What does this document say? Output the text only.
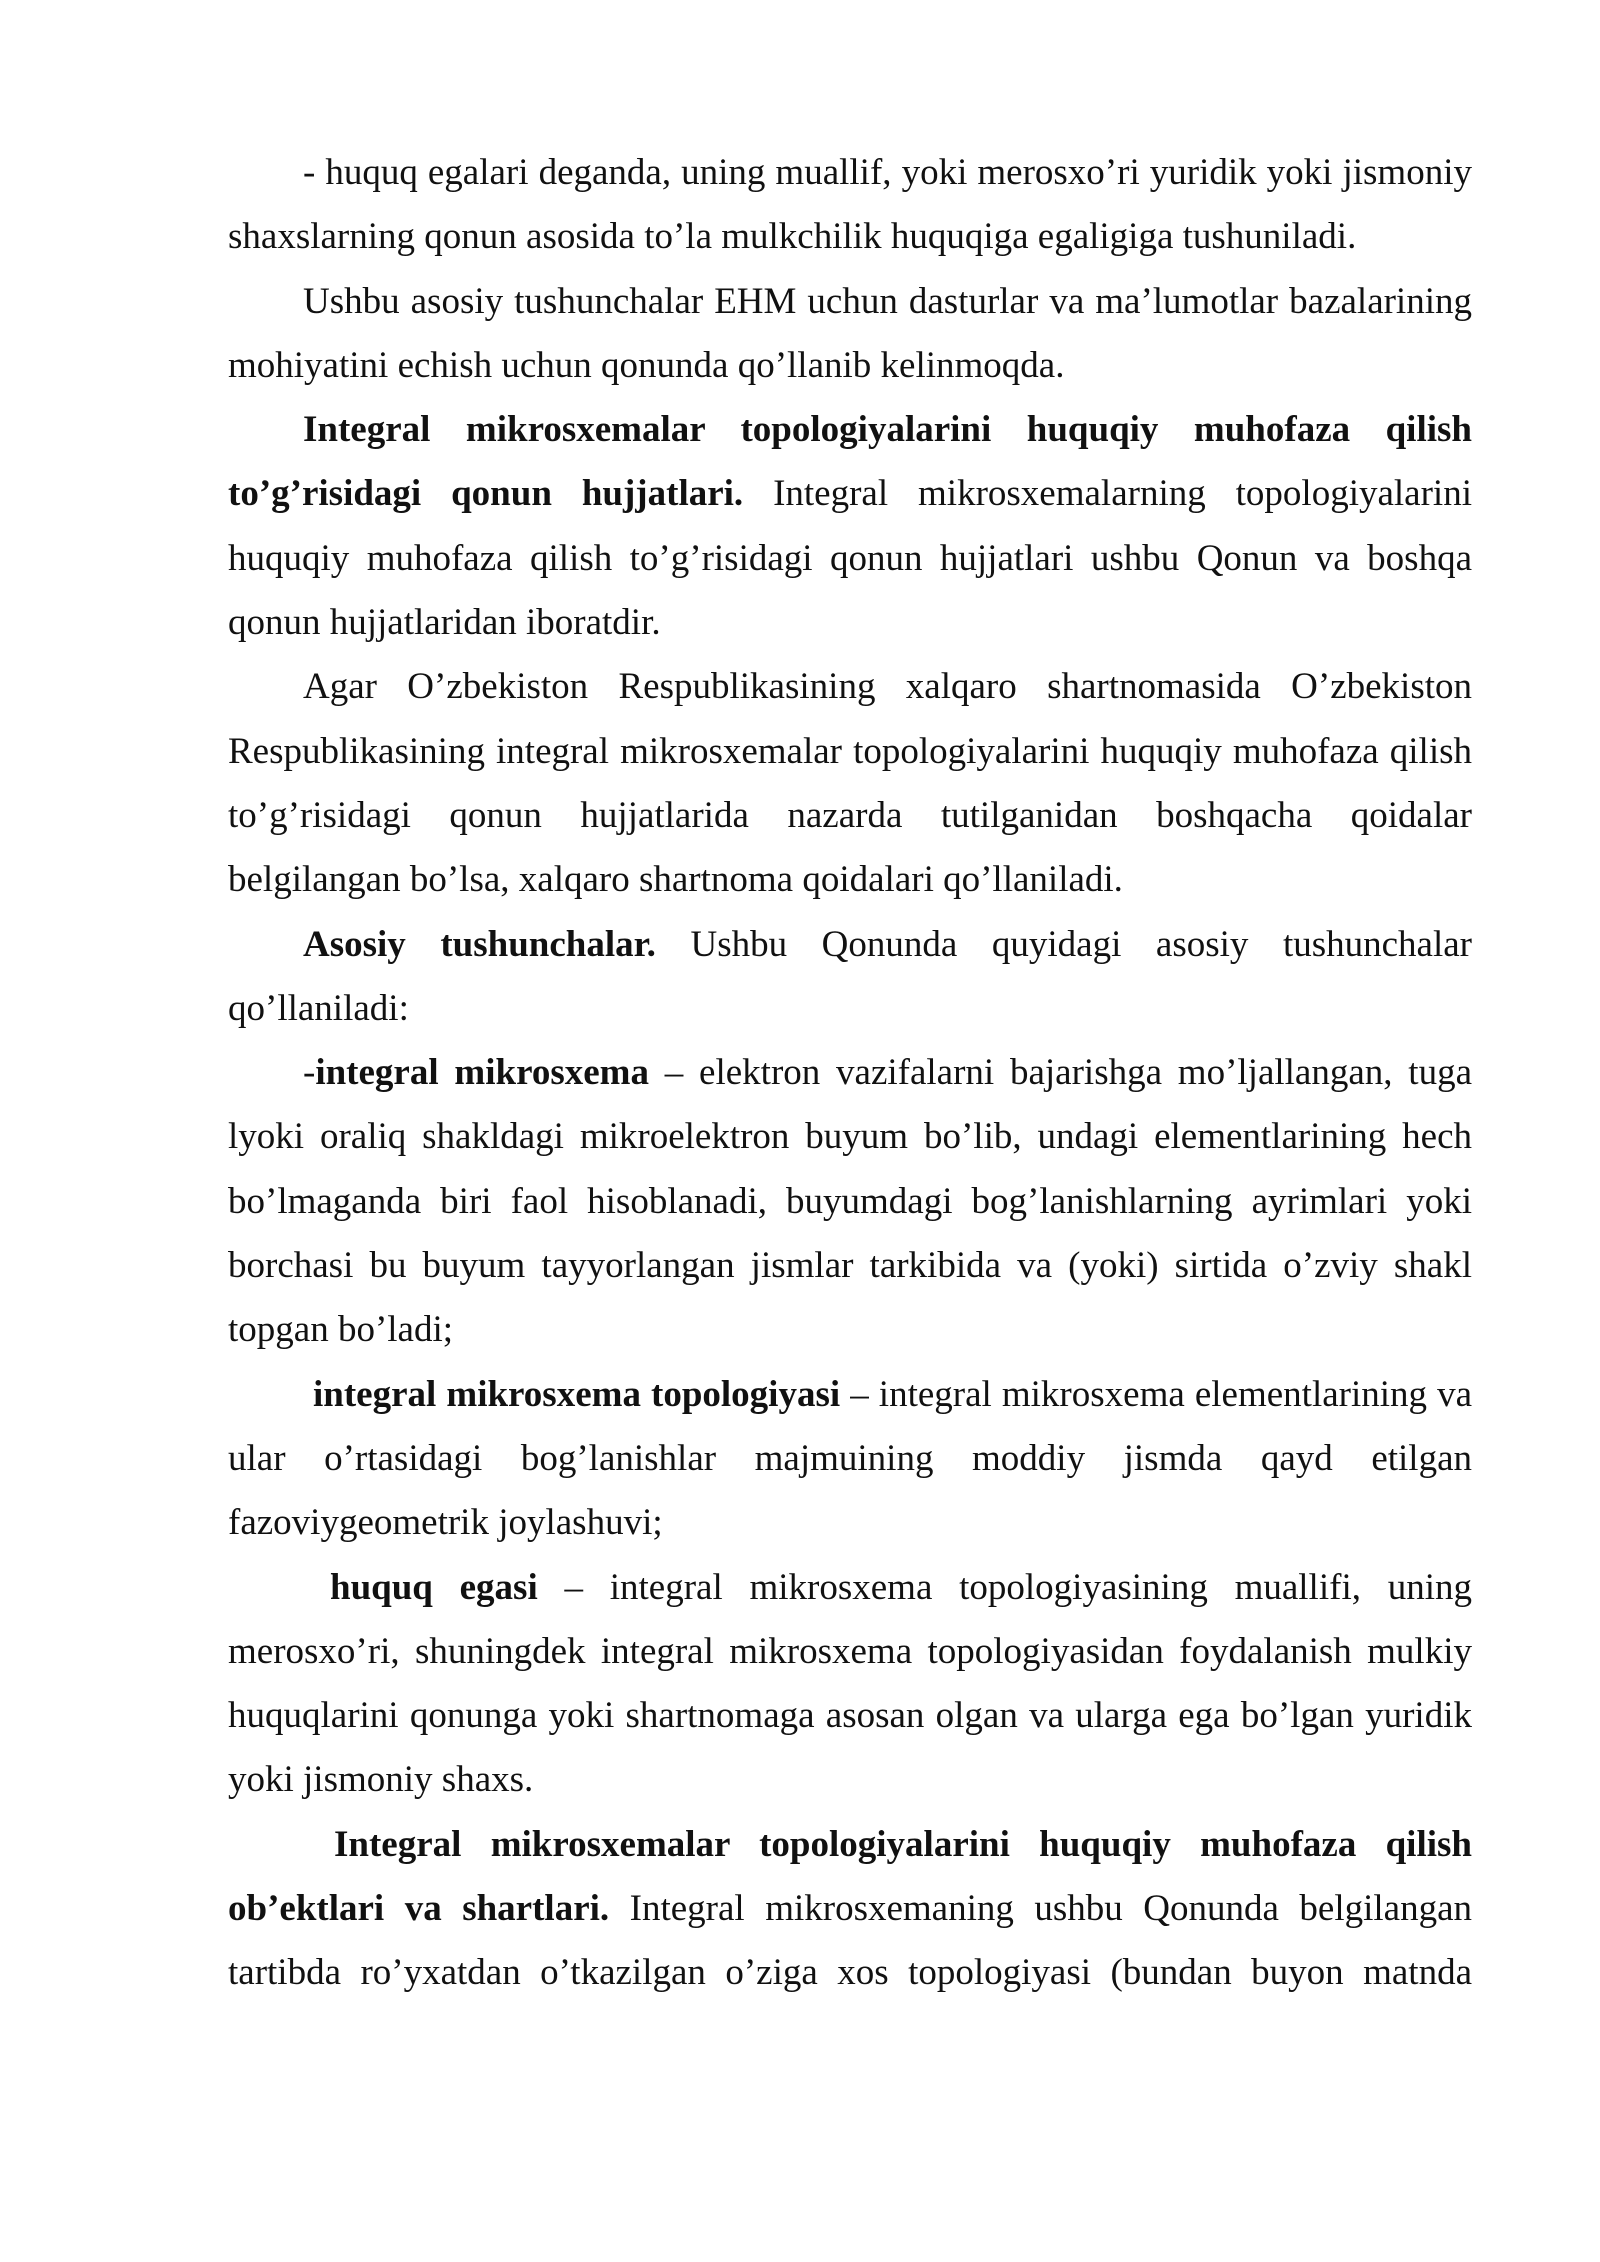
- huquq egalari deganda, uning muallif, yoki merosxo’ri yuridik yoki jismoniy shaxslarning qonun asosida to’la mulkchilik huquqiga egaligiga tushuniladi.

Ushbu asosiy tushunchalar EHM uchun dasturlar va ma’lumotlar bazalarining mohiyatini echish uchun qonunda qo’llanib kelinmoqda.

Integral mikrosxemalar topologiyalarini huquqiy muhofaza qilish to’g’risidagi qonun hujjatlari. Integral mikrosxemalarning topologiyalarini huquqiy muhofaza qilish to’g’risidagi qonun hujjatlari ushbu Qonun va boshqa qonun hujjatlaridan iboratdir.

Agar O’zbekiston Respublikasining xalqaro shartnomasida O’zbekiston Respublikasining integral mikrosxemalar topologiyalarini huquqiy muhofaza qilish to’g’risidagi qonun hujjatlarida nazarda tutilganidan boshqacha qoidalar belgilangan bo’lsa, xalqaro shartnoma qoidalari qo’llaniladi.

Asosiy tushunchalar. Ushbu Qonunda quyidagi asosiy tushunchalar qo’llaniladi:

-integral mikrosxema – elektron vazifalarni bajarishga mo’ljallangan, tuga lyoki oraliq shakldagi mikroelektron buyum bo’lib, undagi elementlarining hech bo’lmaganda biri faol hisoblanadi, buyumdagi bog’lanishlarning ayrimlari yoki borchasi bu buyum tayyorlangan jismlar tarkibida va (yoki) sirtida o’zviy shakl topgan bo’ladi;

integral mikrosxema topologiyasi – integral mikrosxema elementlarining va ular o’rtasidagi bog’lanishlar majmuining moddiy jismda qayd etilgan fazoviygeometrik joylashuvi;

huquq egasi – integral mikrosxema topologiyasining muallifi, uning merosxo’ri, shuningdek integral mikrosxema topologiyasidan foydalanish mulkiy huquqlarini qonunga yoki shartnomaga asosan olgan va ularga ega bo’lgan yuridik yoki jismoniy shaxs.

Integral mikrosxemalar topologiyalarini huquqiy muhofaza qilish ob’ektlari va shartlari. Integral mikrosxemaning ushbu Qonunda belgilangan tartibda ro’yxatdan o’tkazilgan o’ziga xos topologiyasi (bundan buyon matnda
